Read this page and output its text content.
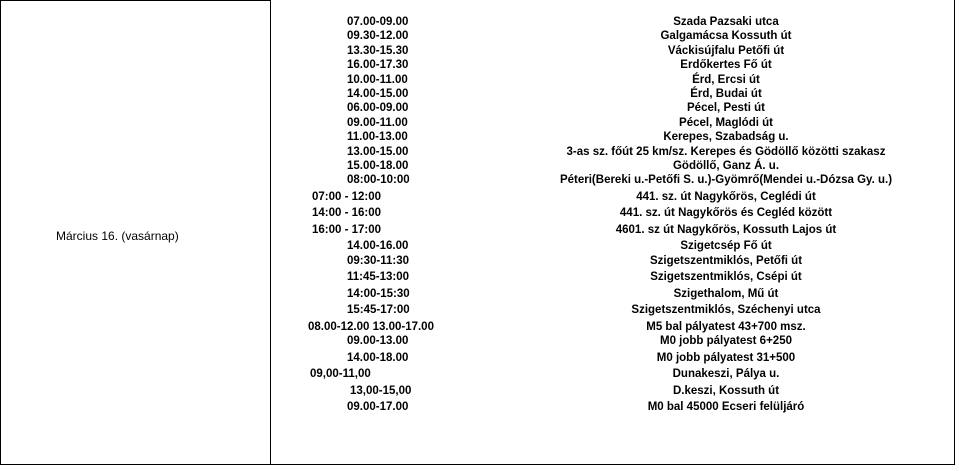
Március 16. (vasárnap)
07.00-09.00	Szada Pazsaki utca
09.30-12.00	Galgamácsa Kossuth út
13.30-15.30	Váckisújfalu Petőfi út
16.00-17.30	Erdőkertes Fő út
10.00-11.00	Érd, Ercsi út
14.00-15.00	Érd, Budai út
06.00-09.00	Pécel, Pesti út
09.00-11.00	Pécel, Maglódi út
11.00-13.00	Kerepes, Szabadság u.
13.00-15.00	3-as sz. főút 25 km/sz. Kerepes és Gödöllő közötti szakasz
15.00-18.00	Gödöllő, Ganz Á. u.
08:00-10:00	Péteri(Bereki u.-Petőfi S. u.)-Gyömrő(Mendei u.-Dózsa Gy. u.)
07:00 - 12:00	441. sz. út Nagykőrös, Ceglédi út
14:00 - 16:00	441. sz. út Nagykőrös és Cegléd között
16:00 - 17:00	4601. sz út Nagykőrös, Kossuth Lajos út
14.00-16.00	Szigetcsép Fő út
09:30-11:30	Szigetszentmiklós, Petőfi út
11:45-13:00	Szigetszentmiklós, Csépi út
14:00-15:30	Szigethalom, Mű út
15:45-17:00	Szigetszentmiklós, Széchenyi utca
08.00-12.00 13.00-17.00	M5 bal pályatest 43+700 msz.
09.00-13.00	M0 jobb pályatest 6+250
14.00-18.00	M0 jobb pályatest 31+500
09,00-11,00	Dunakeszi, Pálya u.
13,00-15,00	D.keszi, Kossuth út
09.00-17.00	M0 bal 45000 Ecseri felüljáró
